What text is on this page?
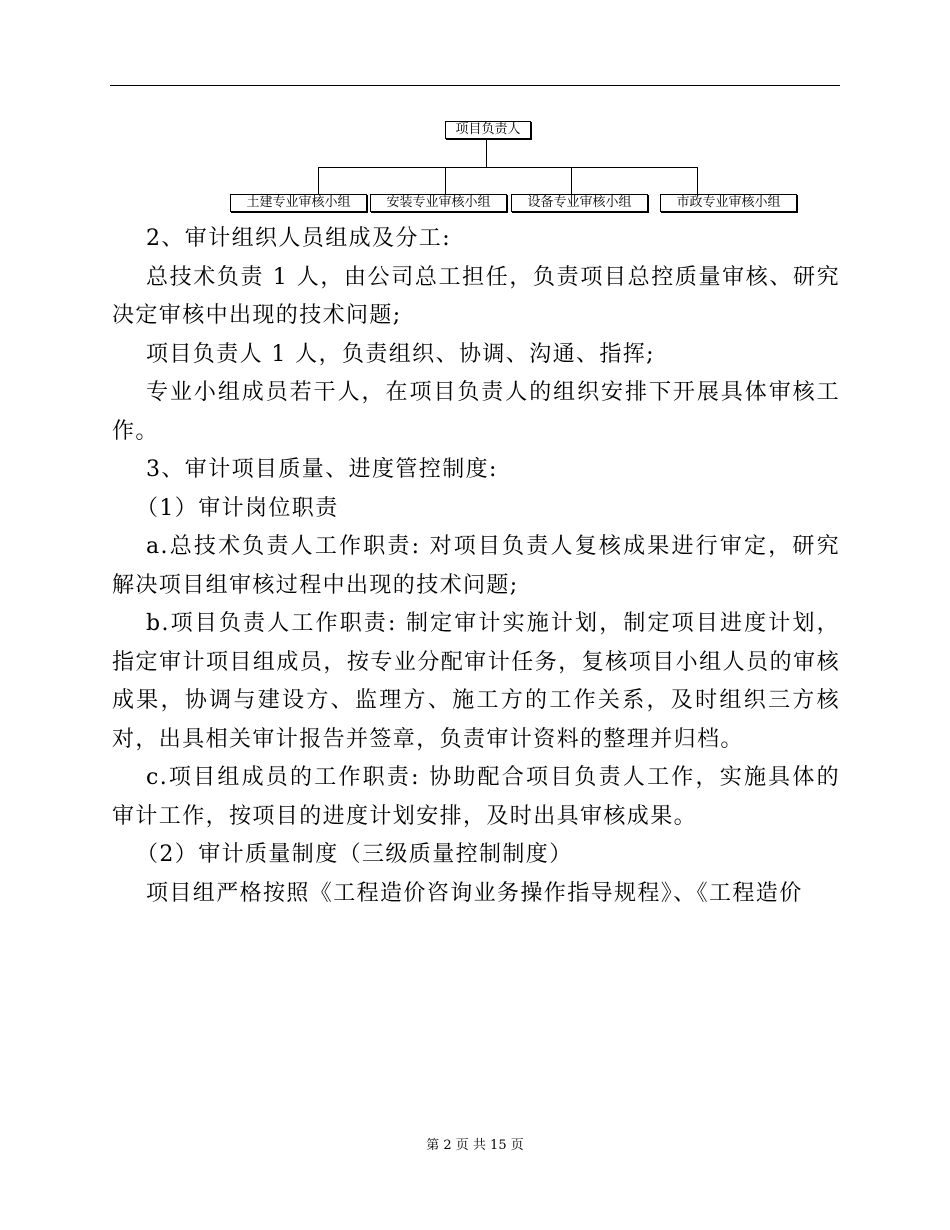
项目负责人
土建专业审核小组	安装专业审核小组	设备专业审核小组	市政专业审核小组

2、审计组织人员组成及分工:

总技术负责 1 人，由公司总工担任，负责项目总控质量审核、研究决定审核中出现的技术问题;

项目负责人 1 人，负责组织、协调、沟通、指挥;

专业小组成员若干人，在项目负责人的组织安排下开展具体审核工作。

3、审计项目质量、进度管控制度:

（1）审计岗位职责

a.总技术负责人工作职责: 对项目负责人复核成果进行审定，研究解决项目组审核过程中出现的技术问题;

b.项目负责人工作职责: 制定审计实施计划，制定项目进度计划，指定审计项目组成员，按专业分配审计任务，复核项目小组人员的审核成果，协调与建设方、监理方、施工方的工作关系，及时组织三方核对，出具相关审计报告并签章，负责审计资料的整理并归档。

c.项目组成员的工作职责: 协助配合项目负责人工作，实施具体的审计工作，按项目的进度计划安排，及时出具审核成果。

（2）审计质量制度（三级质量控制制度）

项目组严格按照《工程造价咨询业务操作指导规程》、《工程造价

第 2 页 共 15 页
